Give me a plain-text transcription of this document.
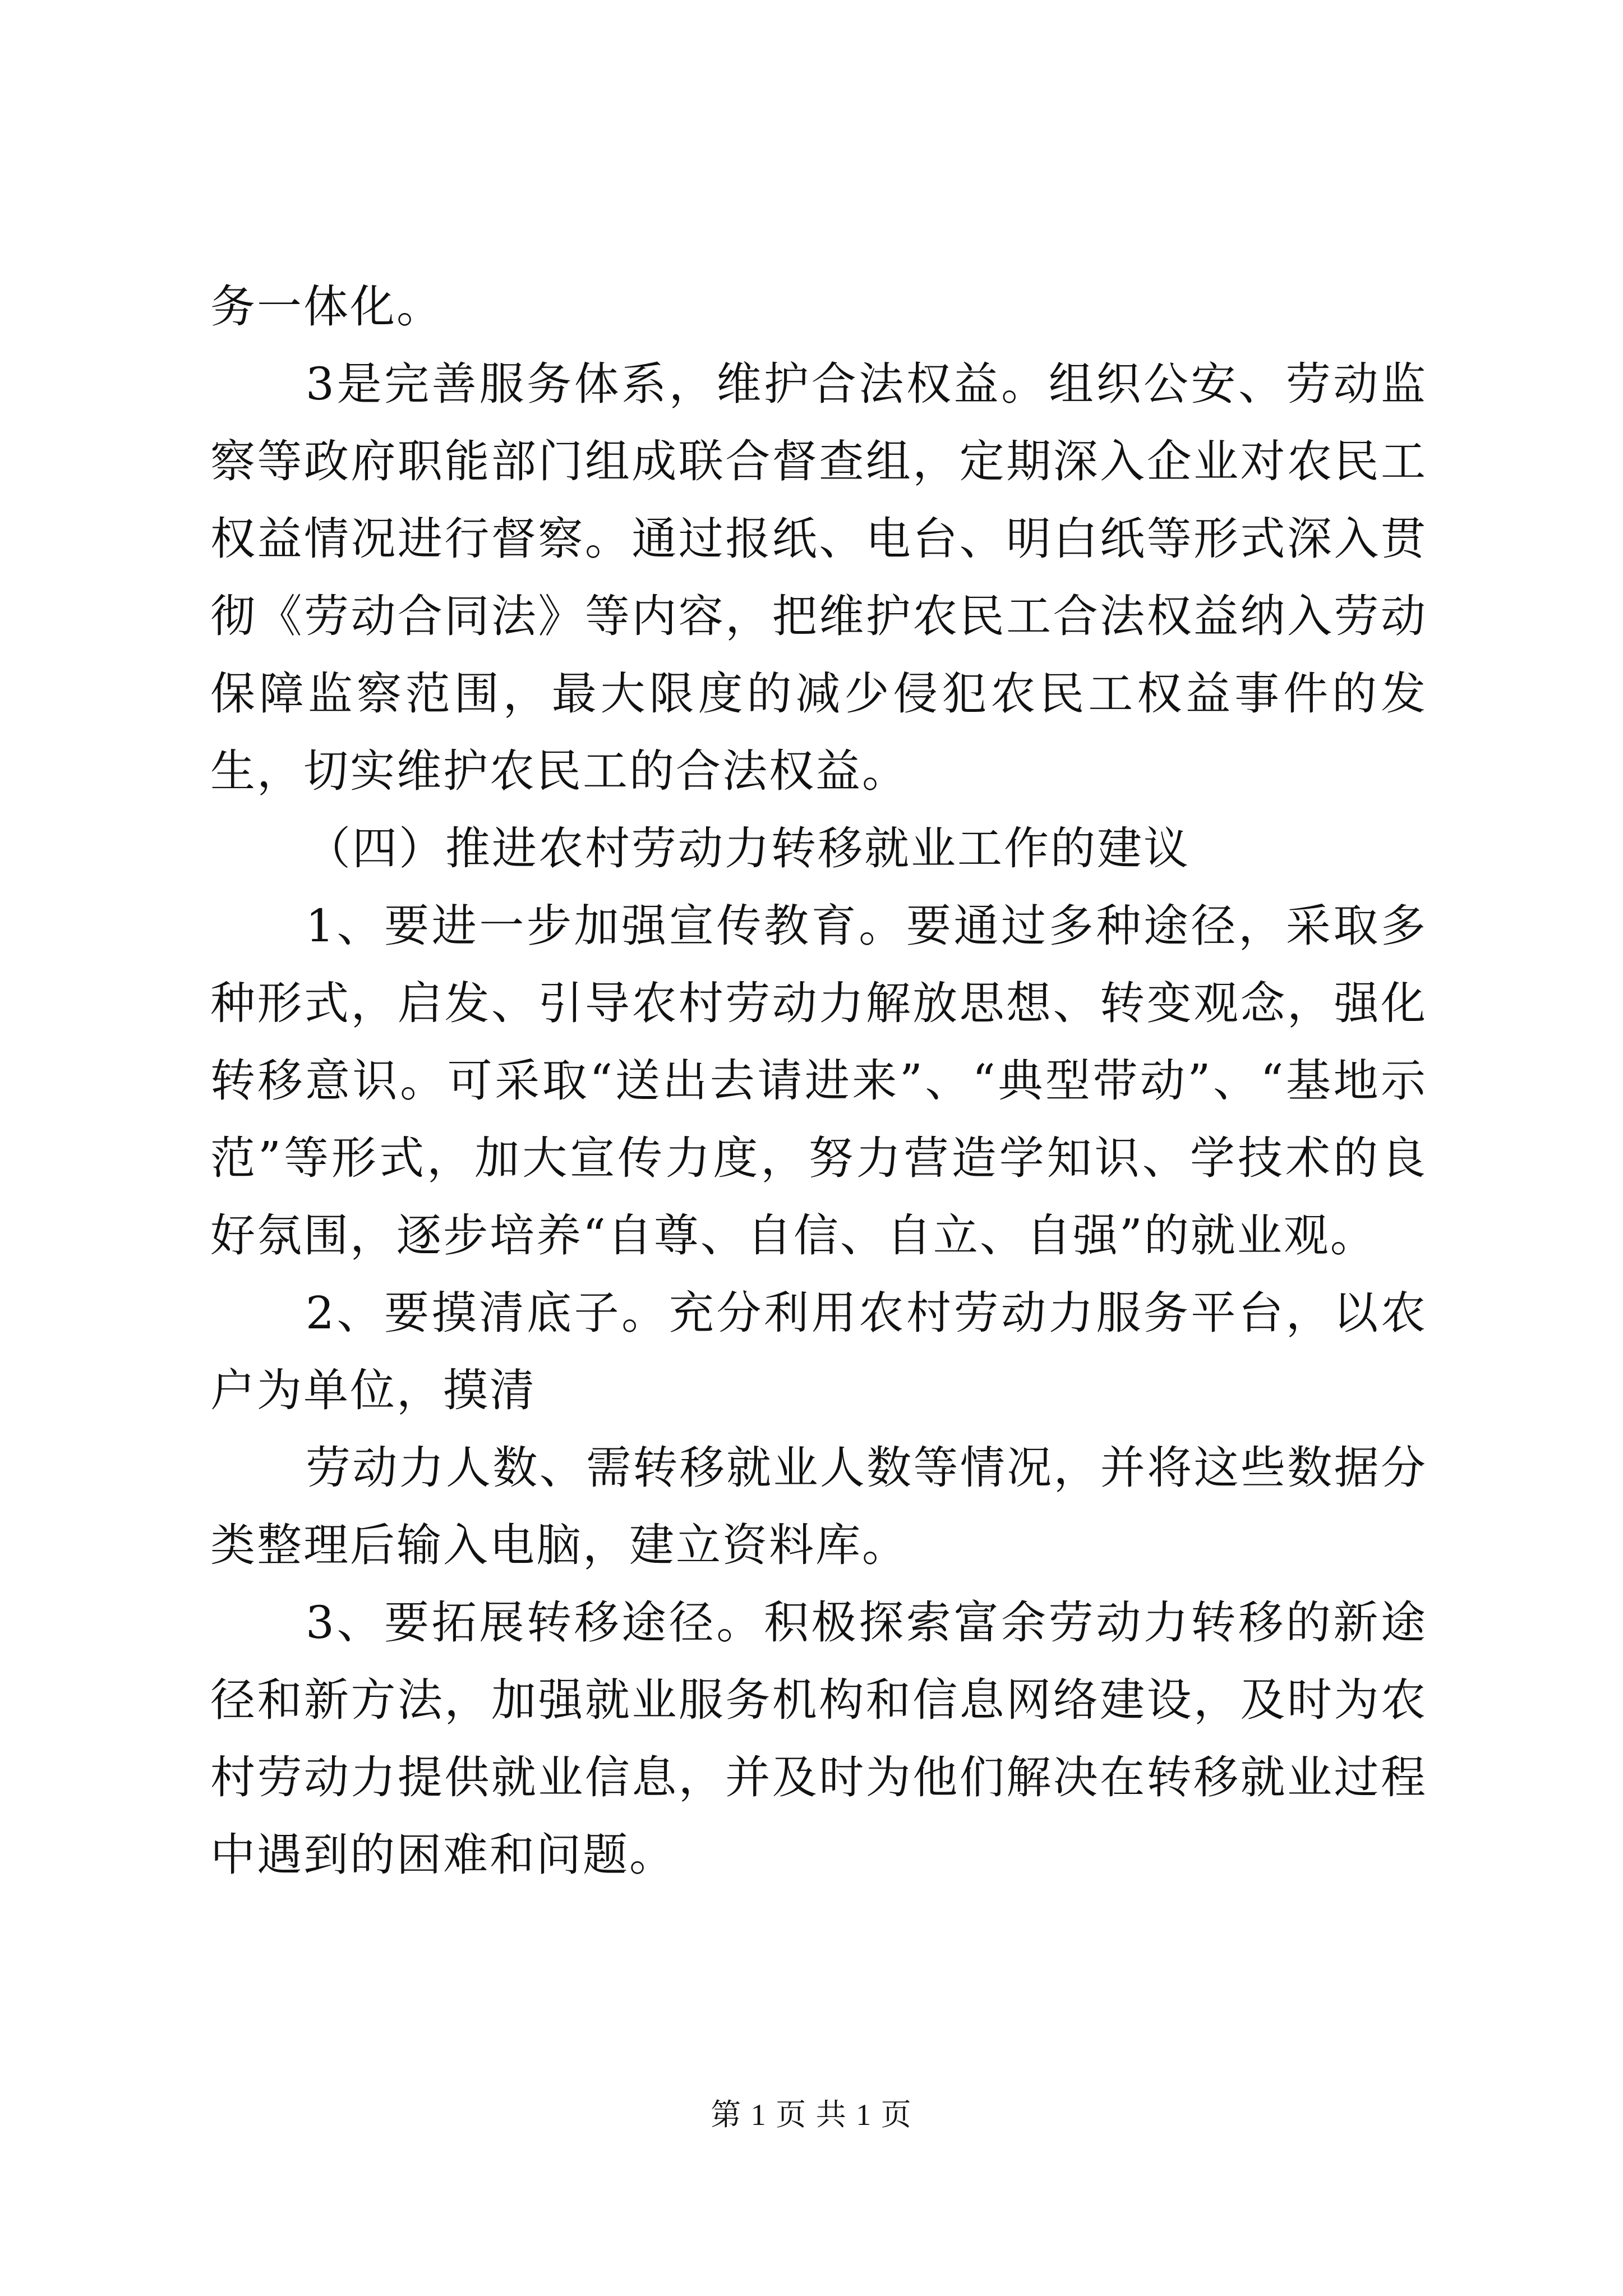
务一体化。

3是完善服务体系，维护合法权益。组织公安、劳动监察等政府职能部门组成联合督查组，定期深入企业对农民工权益情况进行督察。通过报纸、电台、明白纸等形式深入贯彻《劳动合同法》等内容，把维护农民工合法权益纳入劳动保障监察范围，最大限度的减少侵犯农民工权益事件的发生，切实维护农民工的合法权益。

（四）推进农村劳动力转移就业工作的建议

1、要进一步加强宣传教育。要通过多种途径，采取多种形式，启发、引导农村劳动力解放思想、转变观念，强化转移意识。可采取“送出去请进来”、“典型带动”、“基地示范”等形式，加大宣传力度，努力营造学知识、学技术的良好氛围，逐步培养“自尊、自信、自立、自强”的就业观。

2、要摸清底子。充分利用农村劳动力服务平台，以农户为单位，摸清

劳动力人数、需转移就业人数等情况，并将这些数据分类整理后输入电脑，建立资料库。

3、要拓展转移途径。积极探索富余劳动力转移的新途径和新方法，加强就业服务机构和信息网络建设，及时为农村劳动力提供就业信息，并及时为他们解决在转移就业过程中遇到的困难和问题。

第 1 页 共 1 页
